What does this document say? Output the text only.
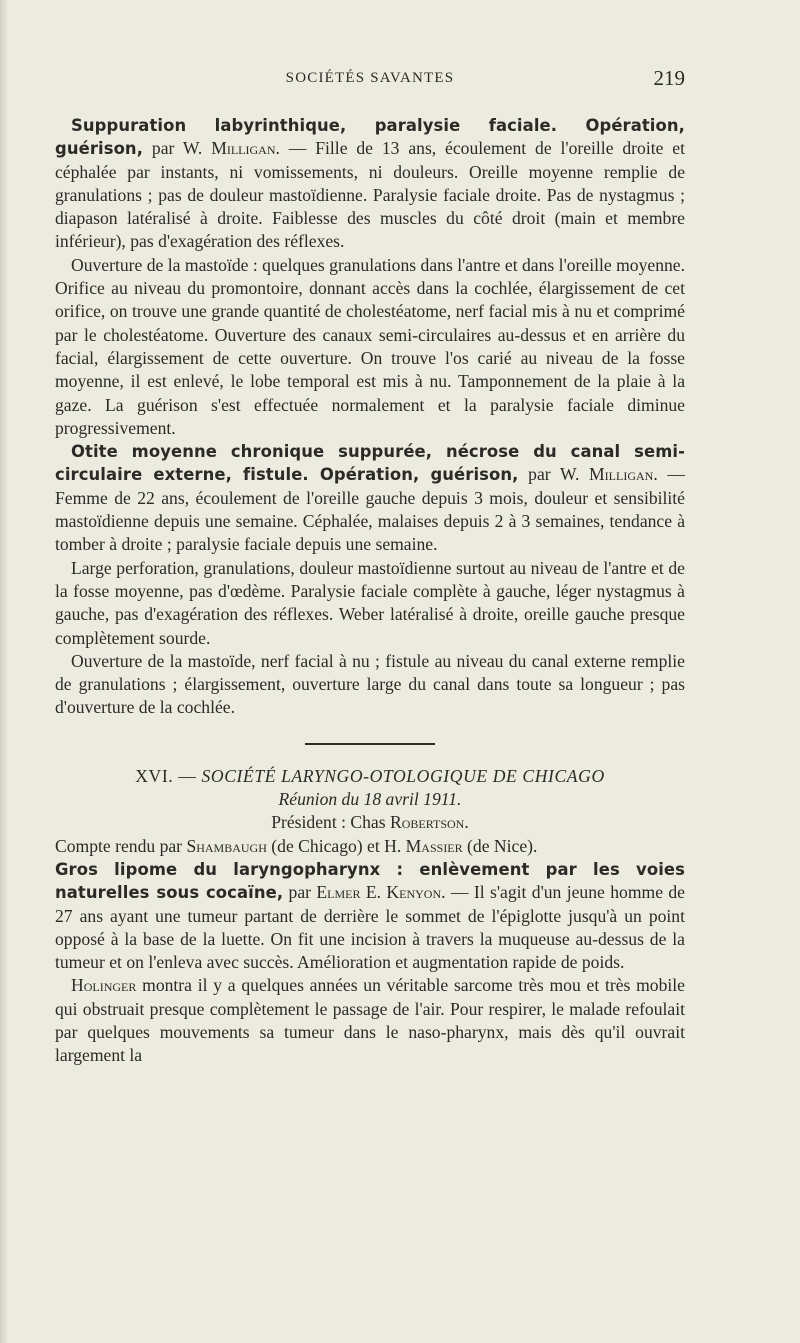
SOCIÉTÉS SAVANTES	219

Suppuration labyrinthique, paralysie faciale. Opération, guérison, par W. Milligan. — Fille de 13 ans, écoulement de l'oreille droite et céphalée par instants, ni vomissements, ni douleurs. Oreille moyenne remplie de granulations ; pas de douleur mastoïdienne. Paralysie faciale droite. Pas de nystagmus ; diapason latéralisé à droite. Faiblesse des muscles du côté droit (main et membre inférieur), pas d'exagération des réflexes.

Ouverture de la mastoïde : quelques granulations dans l'antre et dans l'oreille moyenne. Orifice au niveau du promontoire, donnant accès dans la cochlée, élargissement de cet orifice, on trouve une grande quantité de cholestéatome, nerf facial mis à nu et comprimé par le cholestéatome. Ouverture des canaux semi-circulaires au-dessus et en arrière du facial, élargissement de cette ouverture. On trouve l'os carié au niveau de la fosse moyenne, il est enlevé, le lobe temporal est mis à nu. Tamponnement de la plaie à la gaze. La guérison s'est effectuée normalement et la paralysie faciale diminue progressivement.

Otite moyenne chronique suppurée, nécrose du canal semi-circulaire externe, fistule. Opération, guérison, par W. Milligan. — Femme de 22 ans, écoulement de l'oreille gauche depuis 3 mois, douleur et sensibilité mastoïdienne depuis une semaine. Céphalée, malaises depuis 2 à 3 semaines, tendance à tomber à droite ; paralysie faciale depuis une semaine.

Large perforation, granulations, douleur mastoïdienne surtout au niveau de l'antre et de la fosse moyenne, pas d'œdème. Paralysie faciale complète à gauche, léger nystagmus à gauche, pas d'exagération des réflexes. Weber latéralisé à droite, oreille gauche presque complètement sourde.

Ouverture de la mastoïde, nerf facial à nu ; fistule au niveau du canal externe remplie de granulations ; élargissement, ouverture large du canal dans toute sa longueur ; pas d'ouverture de la cochlée.

XVI. — SOCIÉTÉ LARYNGO-OTOLOGIQUE DE CHICAGO

Réunion du 18 avril 1911.

Président : Chas Robertson.

Compte rendu par Shambaugh (de Chicago) et H. Massier (de Nice).

Gros lipome du laryngopharynx : enlèvement par les voies naturelles sous cocaïne, par Elmer E. Kenyon. — Il s'agit d'un jeune homme de 27 ans ayant une tumeur partant de derrière le sommet de l'épiglotte jusqu'à un point opposé à la base de la luette. On fit une incision à travers la muqueuse au-dessus de la tumeur et on l'enleva avec succès. Amélioration et augmentation rapide de poids.

Holinger montra il y a quelques années un véritable sarcome très mou et très mobile qui obstruait presque complètement le passage de l'air. Pour respirer, le malade refoulait par quelques mouvements sa tumeur dans le naso-pharynx, mais dès qu'il ouvrait largement la
